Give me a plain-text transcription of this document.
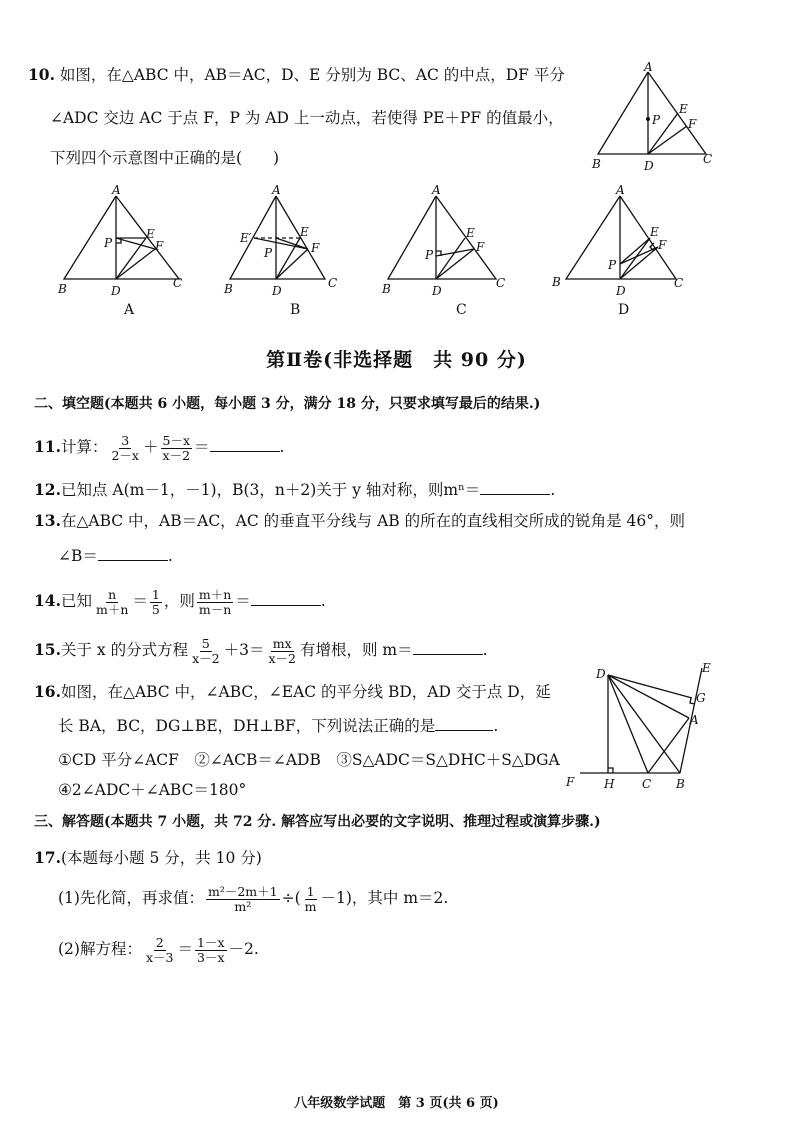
10. 如图，在△ABC 中，AB＝AC，D、E 分别为 BC、AC 的中点，DF 平分
∠ADC 交边 AC 于点 F，P 为 AD 上一动点，若使得 PE＋PF 的值最小，
下列四个示意图中正确的是(　　)
A
B	C
D
E
F
P
A
B	C
D
E
F
P
A
A
B	C
D
E
E′
F
P
B
A
B	C
D
E
F
P
C
A
B	C
D
E
F
P
D
第Ⅱ卷(非选择题　共 90 分)
二、填空题(本题共 6 小题，每小题 3 分，满分 18 分，只要求填写最后的结果.)
11.计算： $\frac{3}{2-x} + \frac{5-x}{x-2}$ ＝	.
12.已知点 A(m－1，－1)，B(3，n＋2)关于 y 轴对称，则mⁿ＝	.
13.在△ABC 中，AB＝AC，AC 的垂直平分线与 AB 的所在的直线相交所成的锐角是 46°，则
∠B＝	.
14.已知 $\frac{n}{m+n} = \frac{1}{5}$ ，则 $\frac{m+n}{m-n}$ ＝	.
15.关于 x 的分式方程 $\frac{5}{x-2} +3= \frac{mx}{x-2}$ 有增根，则 m＝	.
16.如图，在△ABC 中，∠ABC，∠EAC 的平分线 BD，AD 交于点 D，延
长 BA，BC，DG⊥BE，DH⊥BF，下列说法正确的是	.
①CD 平分∠ACF　②∠ACB＝∠ADB　③S△ADC＝S△DHC＋S△DGA
④2∠ADC＋∠ABC＝180°
D	E
G
A
F H C B
三、解答题(本题共 7 小题，共 72 分. 解答应写出必要的文字说明、推理过程或演算步骤.)
17.(本题每小题 5 分，共 10 分)
(1)先化简，再求值： $\frac{\text{m²－2m＋1}}{\text{m²}}$ ÷( $\frac{1}{m} -1$)，其中 m＝2.
(2)解方程： $\frac{2}{x-3} = \frac{1-x}{3-x} -2$.
八年级数学试题　第 3 页(共 6 页)
